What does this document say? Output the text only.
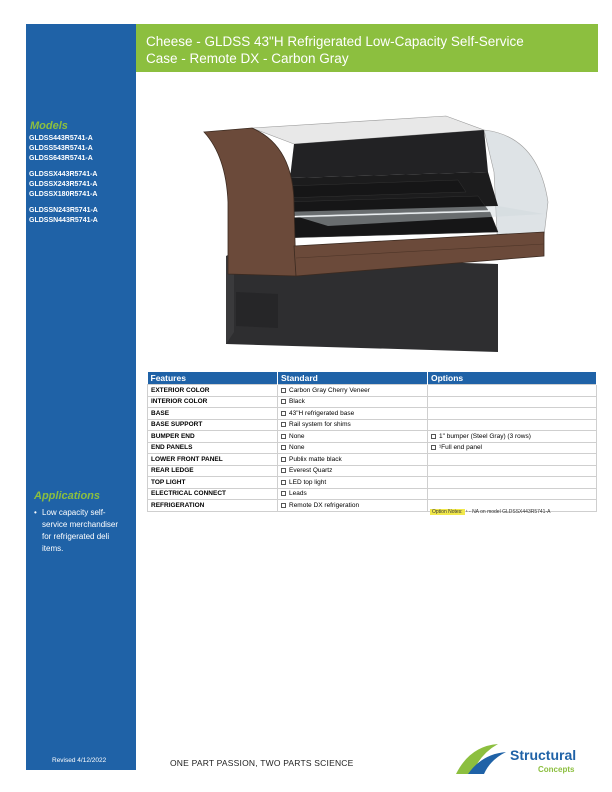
Cheese - GLDSS 43"H Refrigerated Low-Capacity Self-Service
Case - Remote DX - Carbon Gray
Models
GLDSS443R5741-A
GLDSS543R5741-A
GLDSS643R5741-A
GLDSSX443R5741-A
GLDSSX243R5741-A
GLDSSX180R5741-A
GLDSSN243R5741-A
GLDSSN443R5741-A
Applications
• Low capacity self-service merchandiser for refrigerated deli items.
Revised 4/12/2022
21777126
Features	Standard	Options
EXTERIOR COLOR	Carbon Gray Cherry Veneer	
INTERIOR COLOR	Black	
BASE	43"H refrigerated base	
BASE SUPPORT	Rail system for shims	
BUMPER END	None	1" bumper (Steel Gray) (3 rows)
END PANELS	None	¹Full end panel
LOWER FRONT PANEL	Publix matte black	
REAR LEDGE	Everest Quartz	
TOP LIGHT	LED top light	
ELECTRICAL CONNECT	Leads	
REFRIGERATION	Remote DX refrigeration	
Option Notes: ¹ - NA on model GLDSSX443R5741-A
ONE PART PASSION, TWO PARTS SCIENCE	Structural
Concepts
